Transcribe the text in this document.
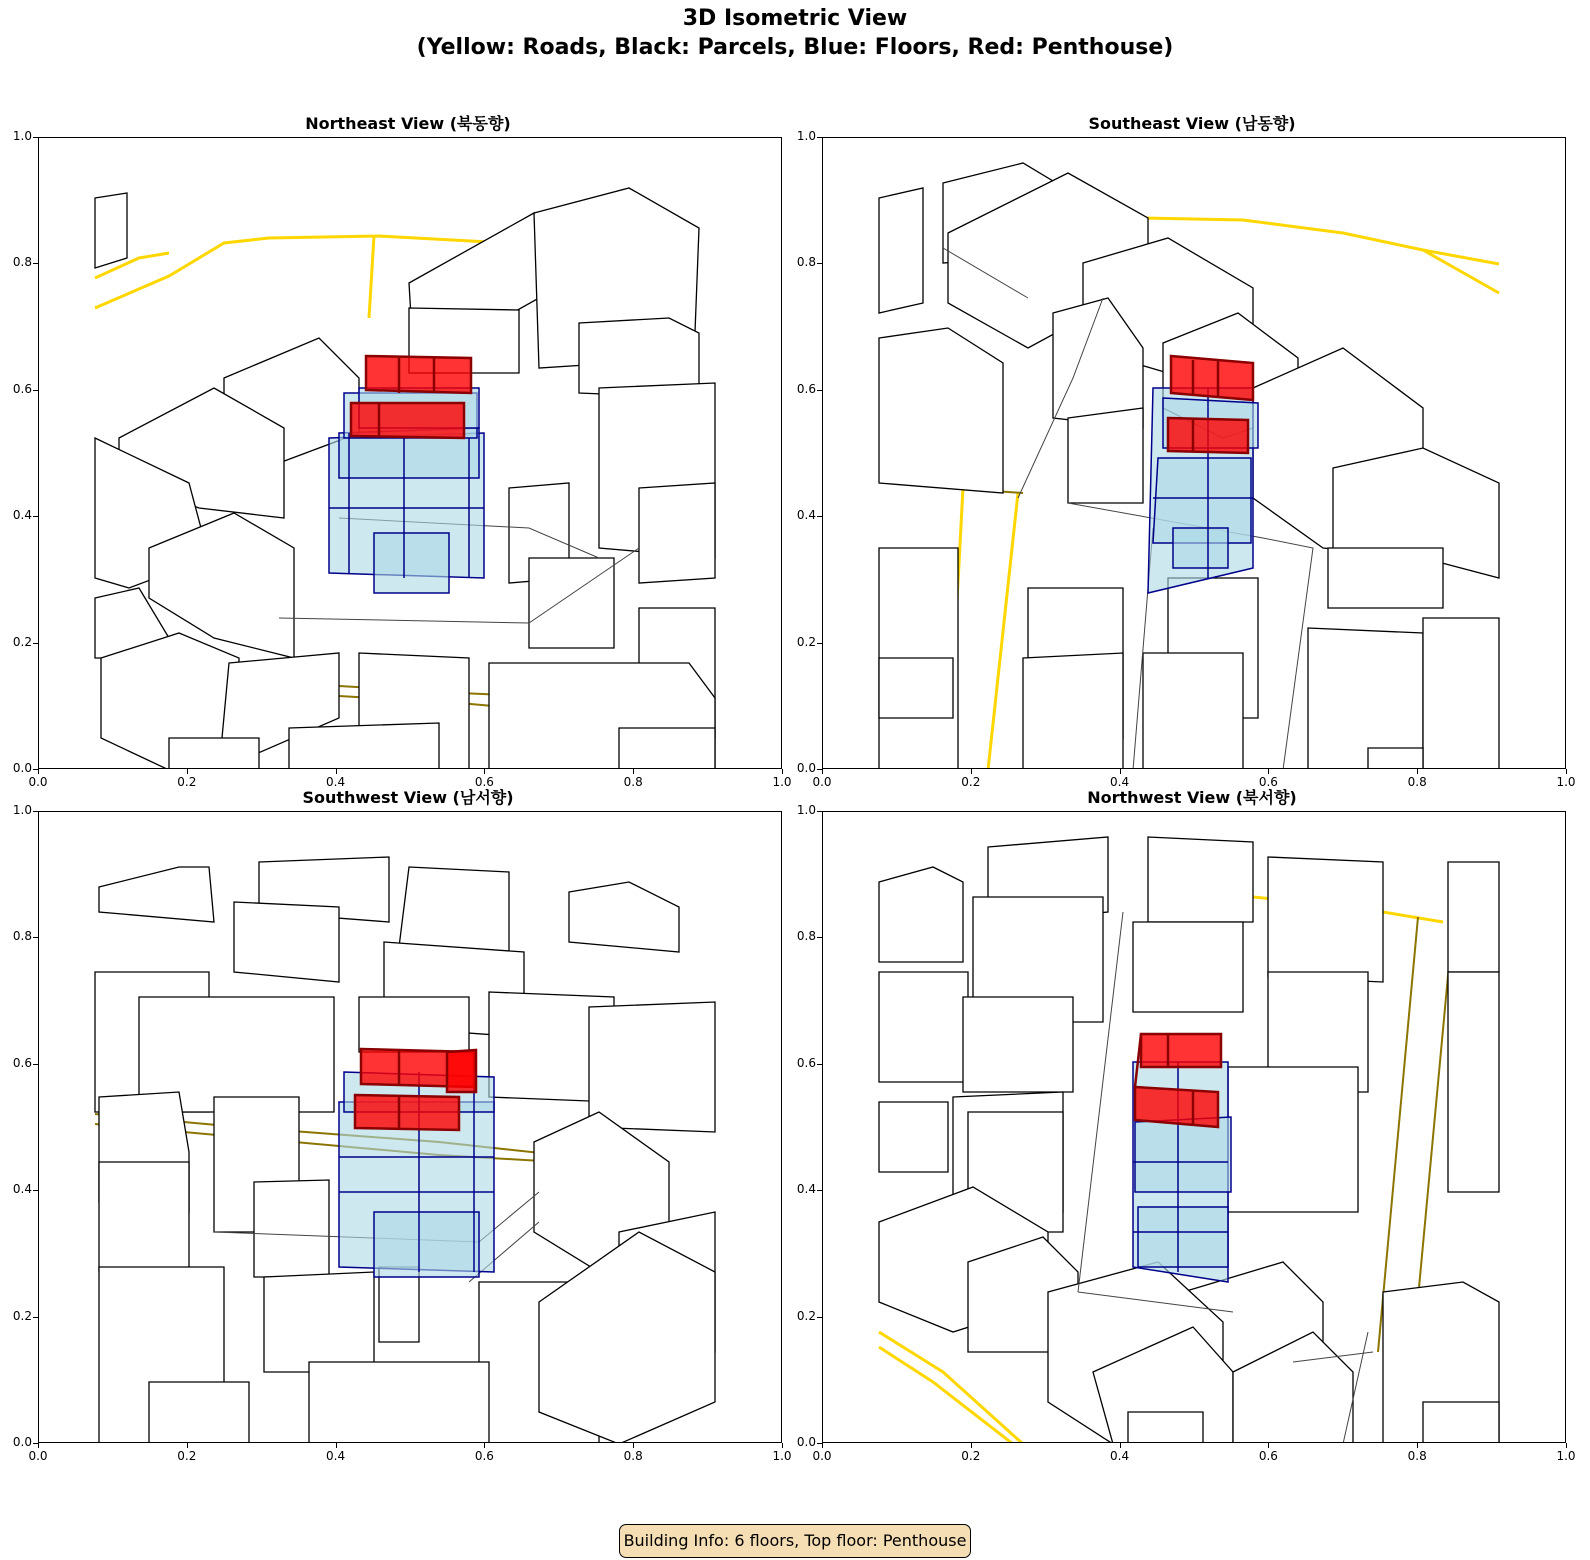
3D Isometric View
(Yellow: Roads, Black: Parcels, Blue: Floors, Red: Penthouse)
Northeast View (북동향)	Southeast View (남동향)
Southwest View (남서향)	Northwest View (북서향)
0.0
0.0
0.2
0.2
0.4
0.4
0.6
0.6
0.8
0.8
1.0
1.0
0.0
0.0
0.2
0.2
0.4
0.4
0.6
0.6
0.8
0.8
1.0
1.0
0.0
0.0
0.2
0.2
0.4
0.4
0.6
0.6
0.8
0.8
1.0
1.0
0.0
0.0
0.2
0.2
0.4
0.4
0.6
0.6
0.8
0.8
1.0
1.0
Building Info: 6 floors, Top floor: Penthouse
